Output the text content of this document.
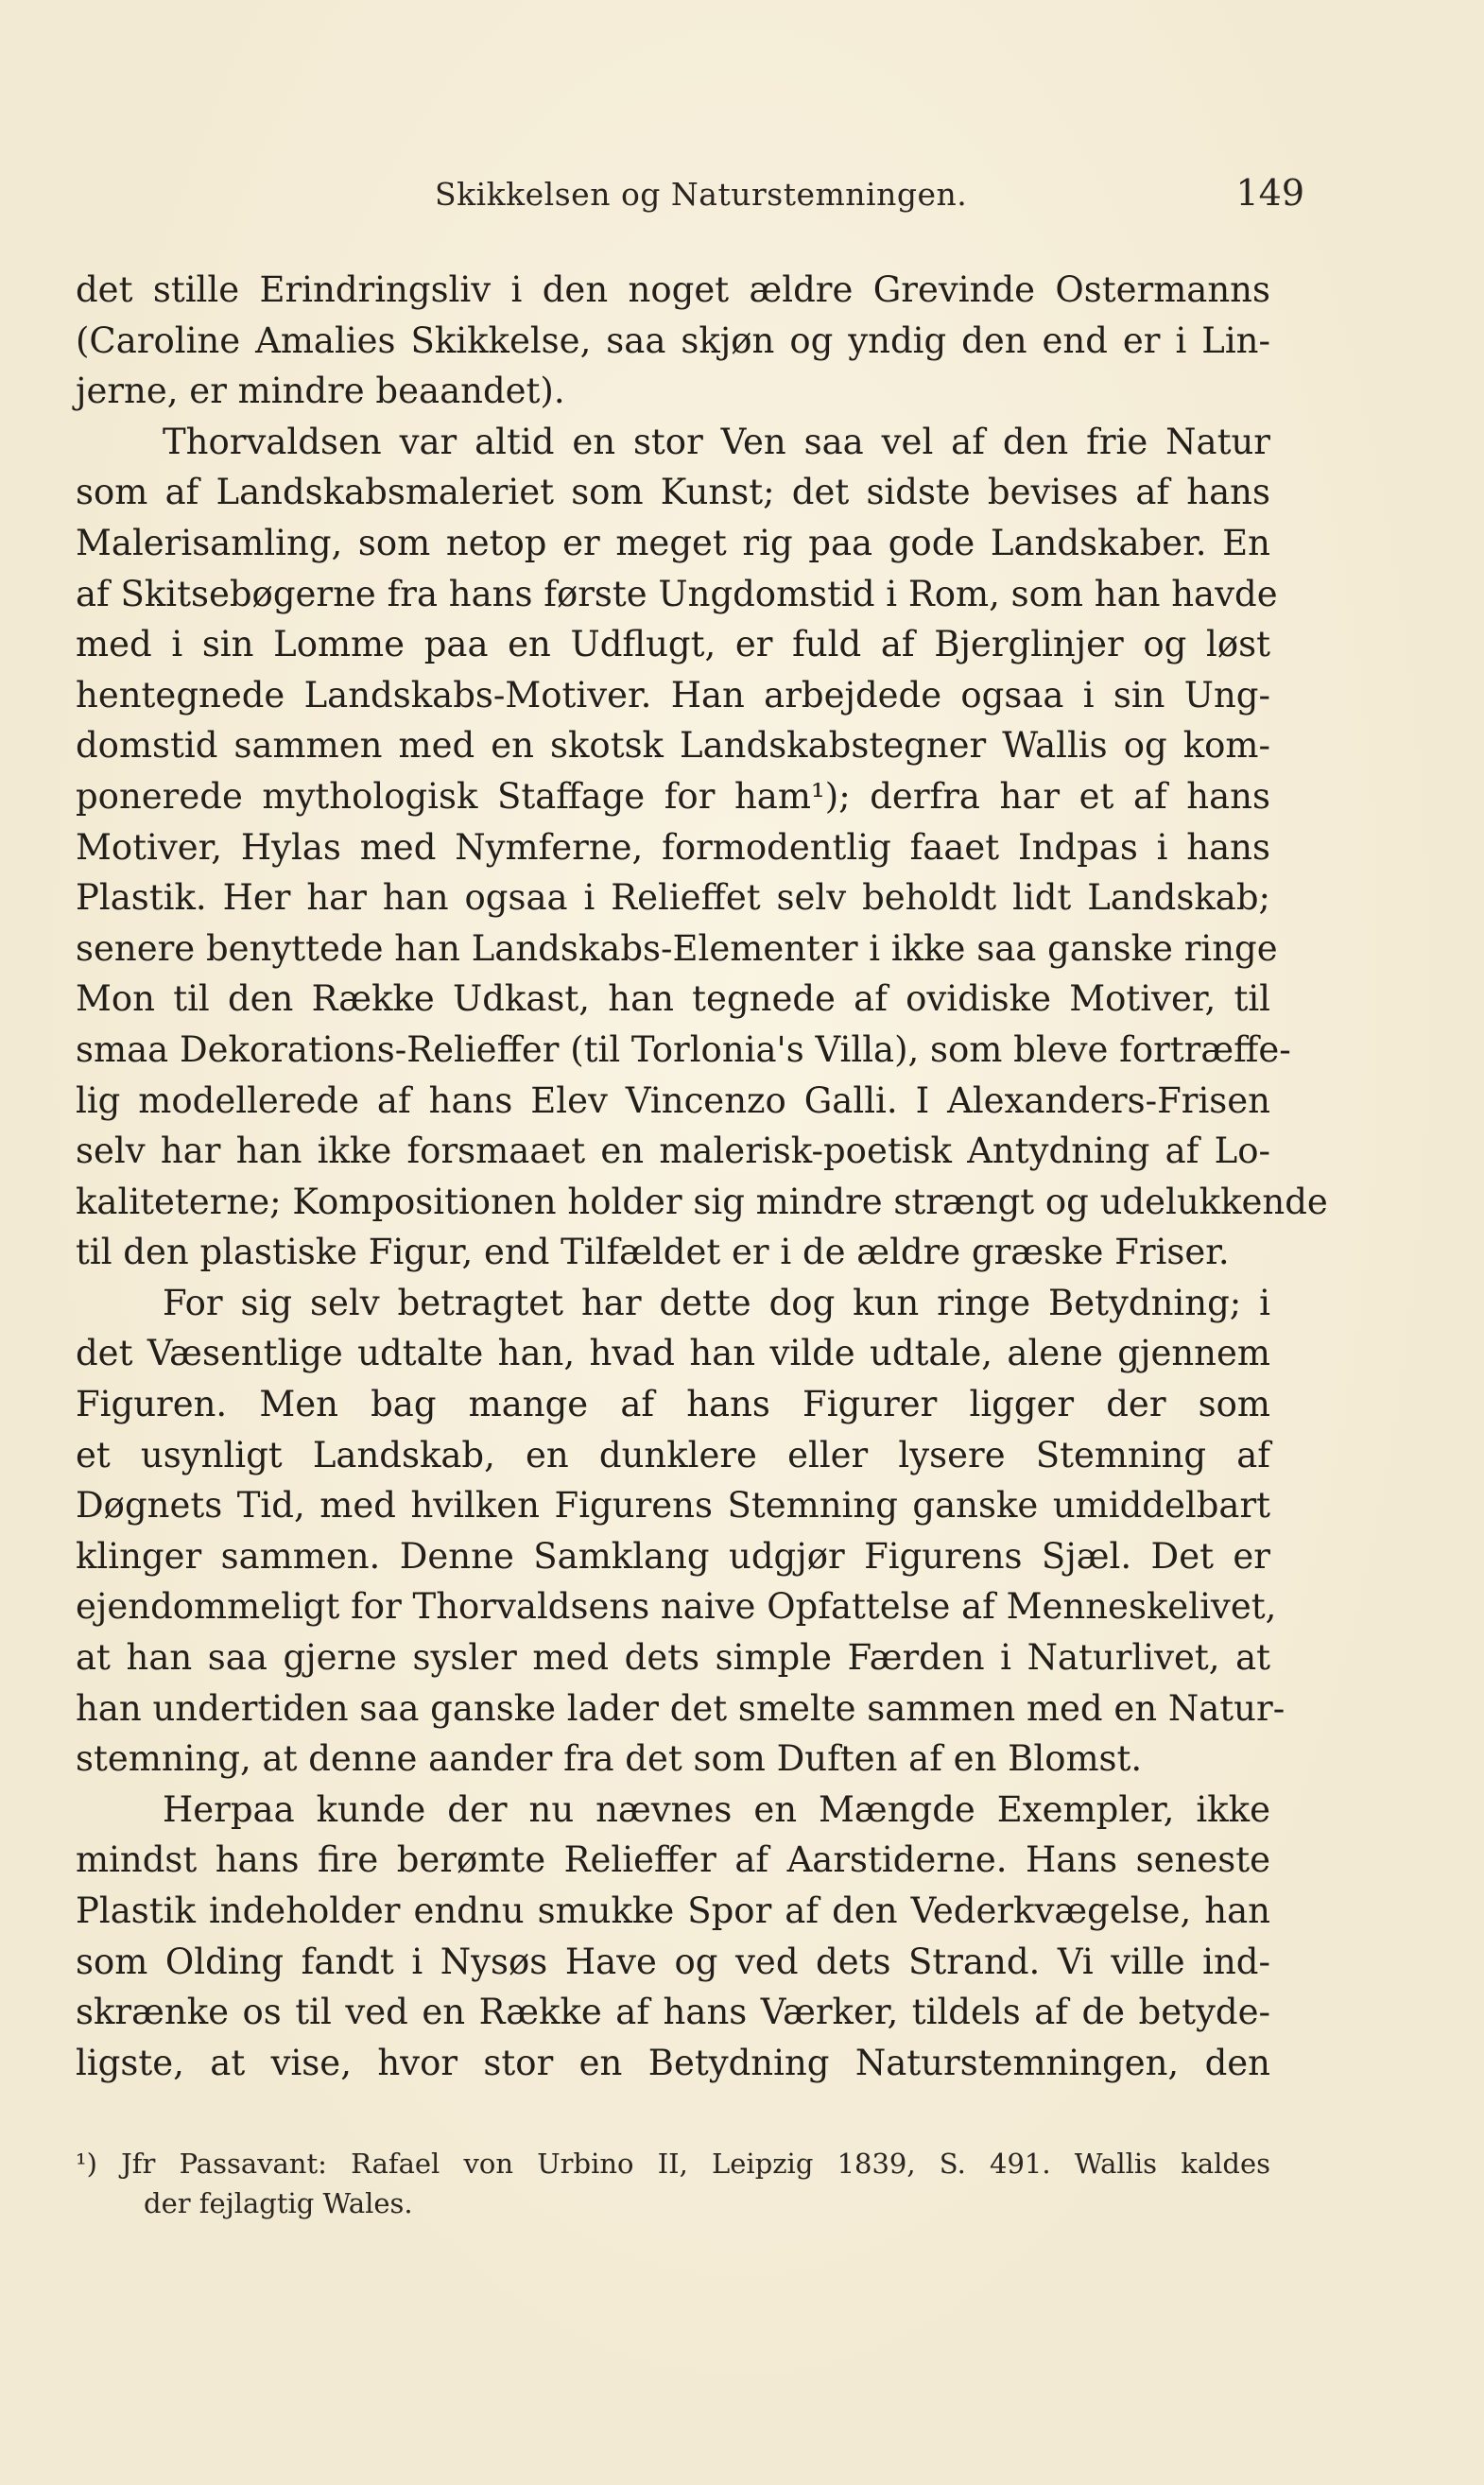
Skikkelsen og Naturstemningen.	149

det stille Erindringsliv i den noget ældre Grevinde Ostermanns
(Caroline Amalies Skikkelse, saa skjøn og yndig den end er i Lin-
jerne, er mindre beaandet).

Thorvaldsen var altid en stor Ven saa vel af den frie Natur
som af Landskabsmaleriet som Kunst; det sidste bevises af hans
Malerisamling, som netop er meget rig paa gode Landskaber. En
af Skitsebøgerne fra hans første Ungdomstid i Rom, som han havde
med i sin Lomme paa en Udflugt, er fuld af Bjerglinjer og løst
hentegnede Landskabs-Motiver. Han arbejdede ogsaa i sin Ung-
domstid sammen med en skotsk Landskabstegner Wallis og kom-
ponerede mythologisk Staffage for ham¹); derfra har et af hans
Motiver, Hylas med Nymferne, formodentlig faaet Indpas i hans
Plastik. Her har han ogsaa i Relieffet selv beholdt lidt Landskab;
senere benyttede han Landskabs-Elementer i ikke saa ganske ringe
Mon til den Række Udkast, han tegnede af ovidiske Motiver, til
smaa Dekorations-Relieffer (til Torlonia's Villa), som bleve fortræffe-
lig modellerede af hans Elev Vincenzo Galli. I Alexanders-Frisen
selv har han ikke forsmaaet en malerisk-poetisk Antydning af Lo-
kaliteterne; Kompositionen holder sig mindre strængt og udelukkende
til den plastiske Figur, end Tilfældet er i de ældre græske Friser.

For sig selv betragtet har dette dog kun ringe Betydning; i
det Væsentlige udtalte han, hvad han vilde udtale, alene gjennem
Figuren. Men bag mange af hans Figurer ligger der som
et usynligt Landskab, en dunklere eller lysere Stemning af
Døgnets Tid, med hvilken Figurens Stemning ganske umiddelbart
klinger sammen. Denne Samklang udgjør Figurens Sjæl. Det er
ejendommeligt for Thorvaldsens naive Opfattelse af Menneskelivet,
at han saa gjerne sysler med dets simple Færden i Naturlivet, at
han undertiden saa ganske lader det smelte sammen med en Natur-
stemning, at denne aander fra det som Duften af en Blomst.

Herpaa kunde der nu nævnes en Mængde Exempler, ikke
mindst hans fire berømte Relieffer af Aarstiderne. Hans seneste
Plastik indeholder endnu smukke Spor af den Vederkvægelse, han
som Olding fandt i Nysøs Have og ved dets Strand. Vi ville ind-
skrænke os til ved en Række af hans Værker, tildels af de betyde-
ligste, at vise, hvor stor en Betydning Naturstemningen, den

¹) Jfr Passavant: Rafael von Urbino II, Leipzig 1839, S. 491. Wallis kaldes
der fejlagtig Wales.
